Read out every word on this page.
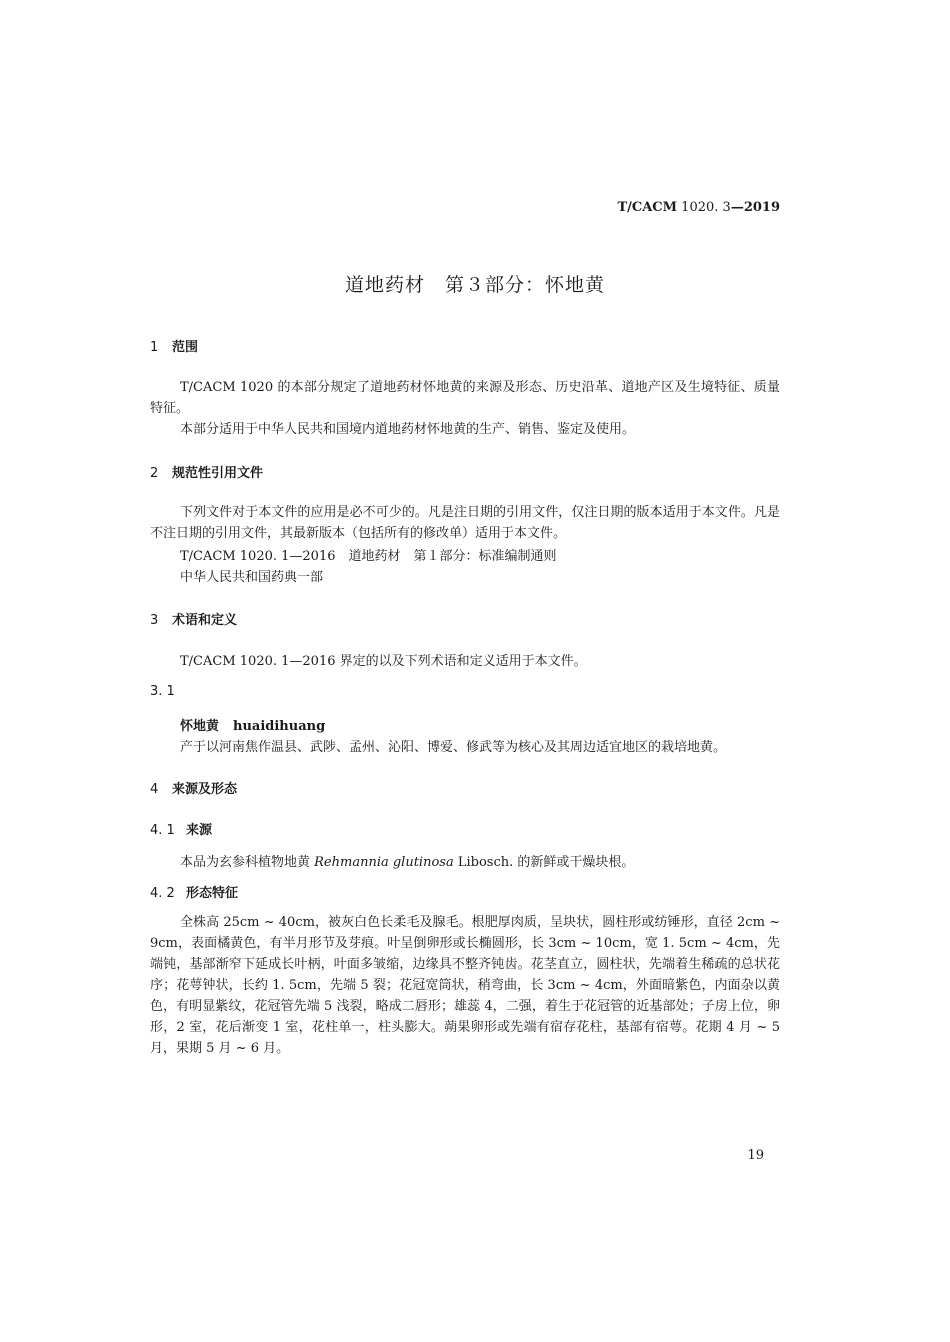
T/CACM 1020. 3—2019
道地药材　第３部分：怀地黄
1 范围
T/CACM 1020 的本部分规定了道地药材怀地黄的来源及形态、历史沿革、道地产区及生境特征、质量特征。
本部分适用于中华人民共和国境内道地药材怀地黄的生产、销售、鉴定及使用。
2 规范性引用文件
下列文件对于本文件的应用是必不可少的。凡是注日期的引用文件，仅注日期的版本适用于本文件。凡是不注日期的引用文件，其最新版本（包括所有的修改单）适用于本文件。
T/CACM 1020. 1—2016　道地药材　第１部分：标准编制通则
中华人民共和国药典一部
3 术语和定义
T/CACM 1020. 1—2016 界定的以及下列术语和定义适用于本文件。
3. 1
怀地黄 huaidihuang
产于以河南焦作温县、武陟、孟州、沁阳、博爱、修武等为核心及其周边适宜地区的栽培地黄。
4 来源及形态
4. 1 来源
本品为玄参科植物地黄 Rehmannia glutinosa Libosch. 的新鲜或干燥块根。
4. 2 形态特征
全株高 25cm ~ 40cm，被灰白色长柔毛及腺毛。根肥厚肉质，呈块状，圆柱形或纺锤形，直径 2cm ~ 9cm，表面橘黄色，有半月形节及芽痕。叶呈倒卵形或长椭圆形，长 3cm ~ 10cm，宽 1. 5cm ~ 4cm，先端钝，基部渐窄下延成长叶柄，叶面多皱缩，边缘具不整齐钝齿。花茎直立，圆柱状，先端着生稀疏的总状花序；花萼钟状，长约 1. 5cm，先端 5 裂；花冠宽筒状，稍弯曲，长 3cm ~ 4cm，外面暗紫色，内面杂以黄色，有明显紫纹，花冠管先端 5 浅裂，略成二唇形；雄蕊 4，二强，着生于花冠管的近基部处；子房上位，卵形，2 室，花后渐变 1 室，花柱单一，柱头膨大。蒴果卵形或先端有宿存花柱，基部有宿萼。花期 4 月 ~ 5 月，果期 5 月 ~ 6 月。
19
